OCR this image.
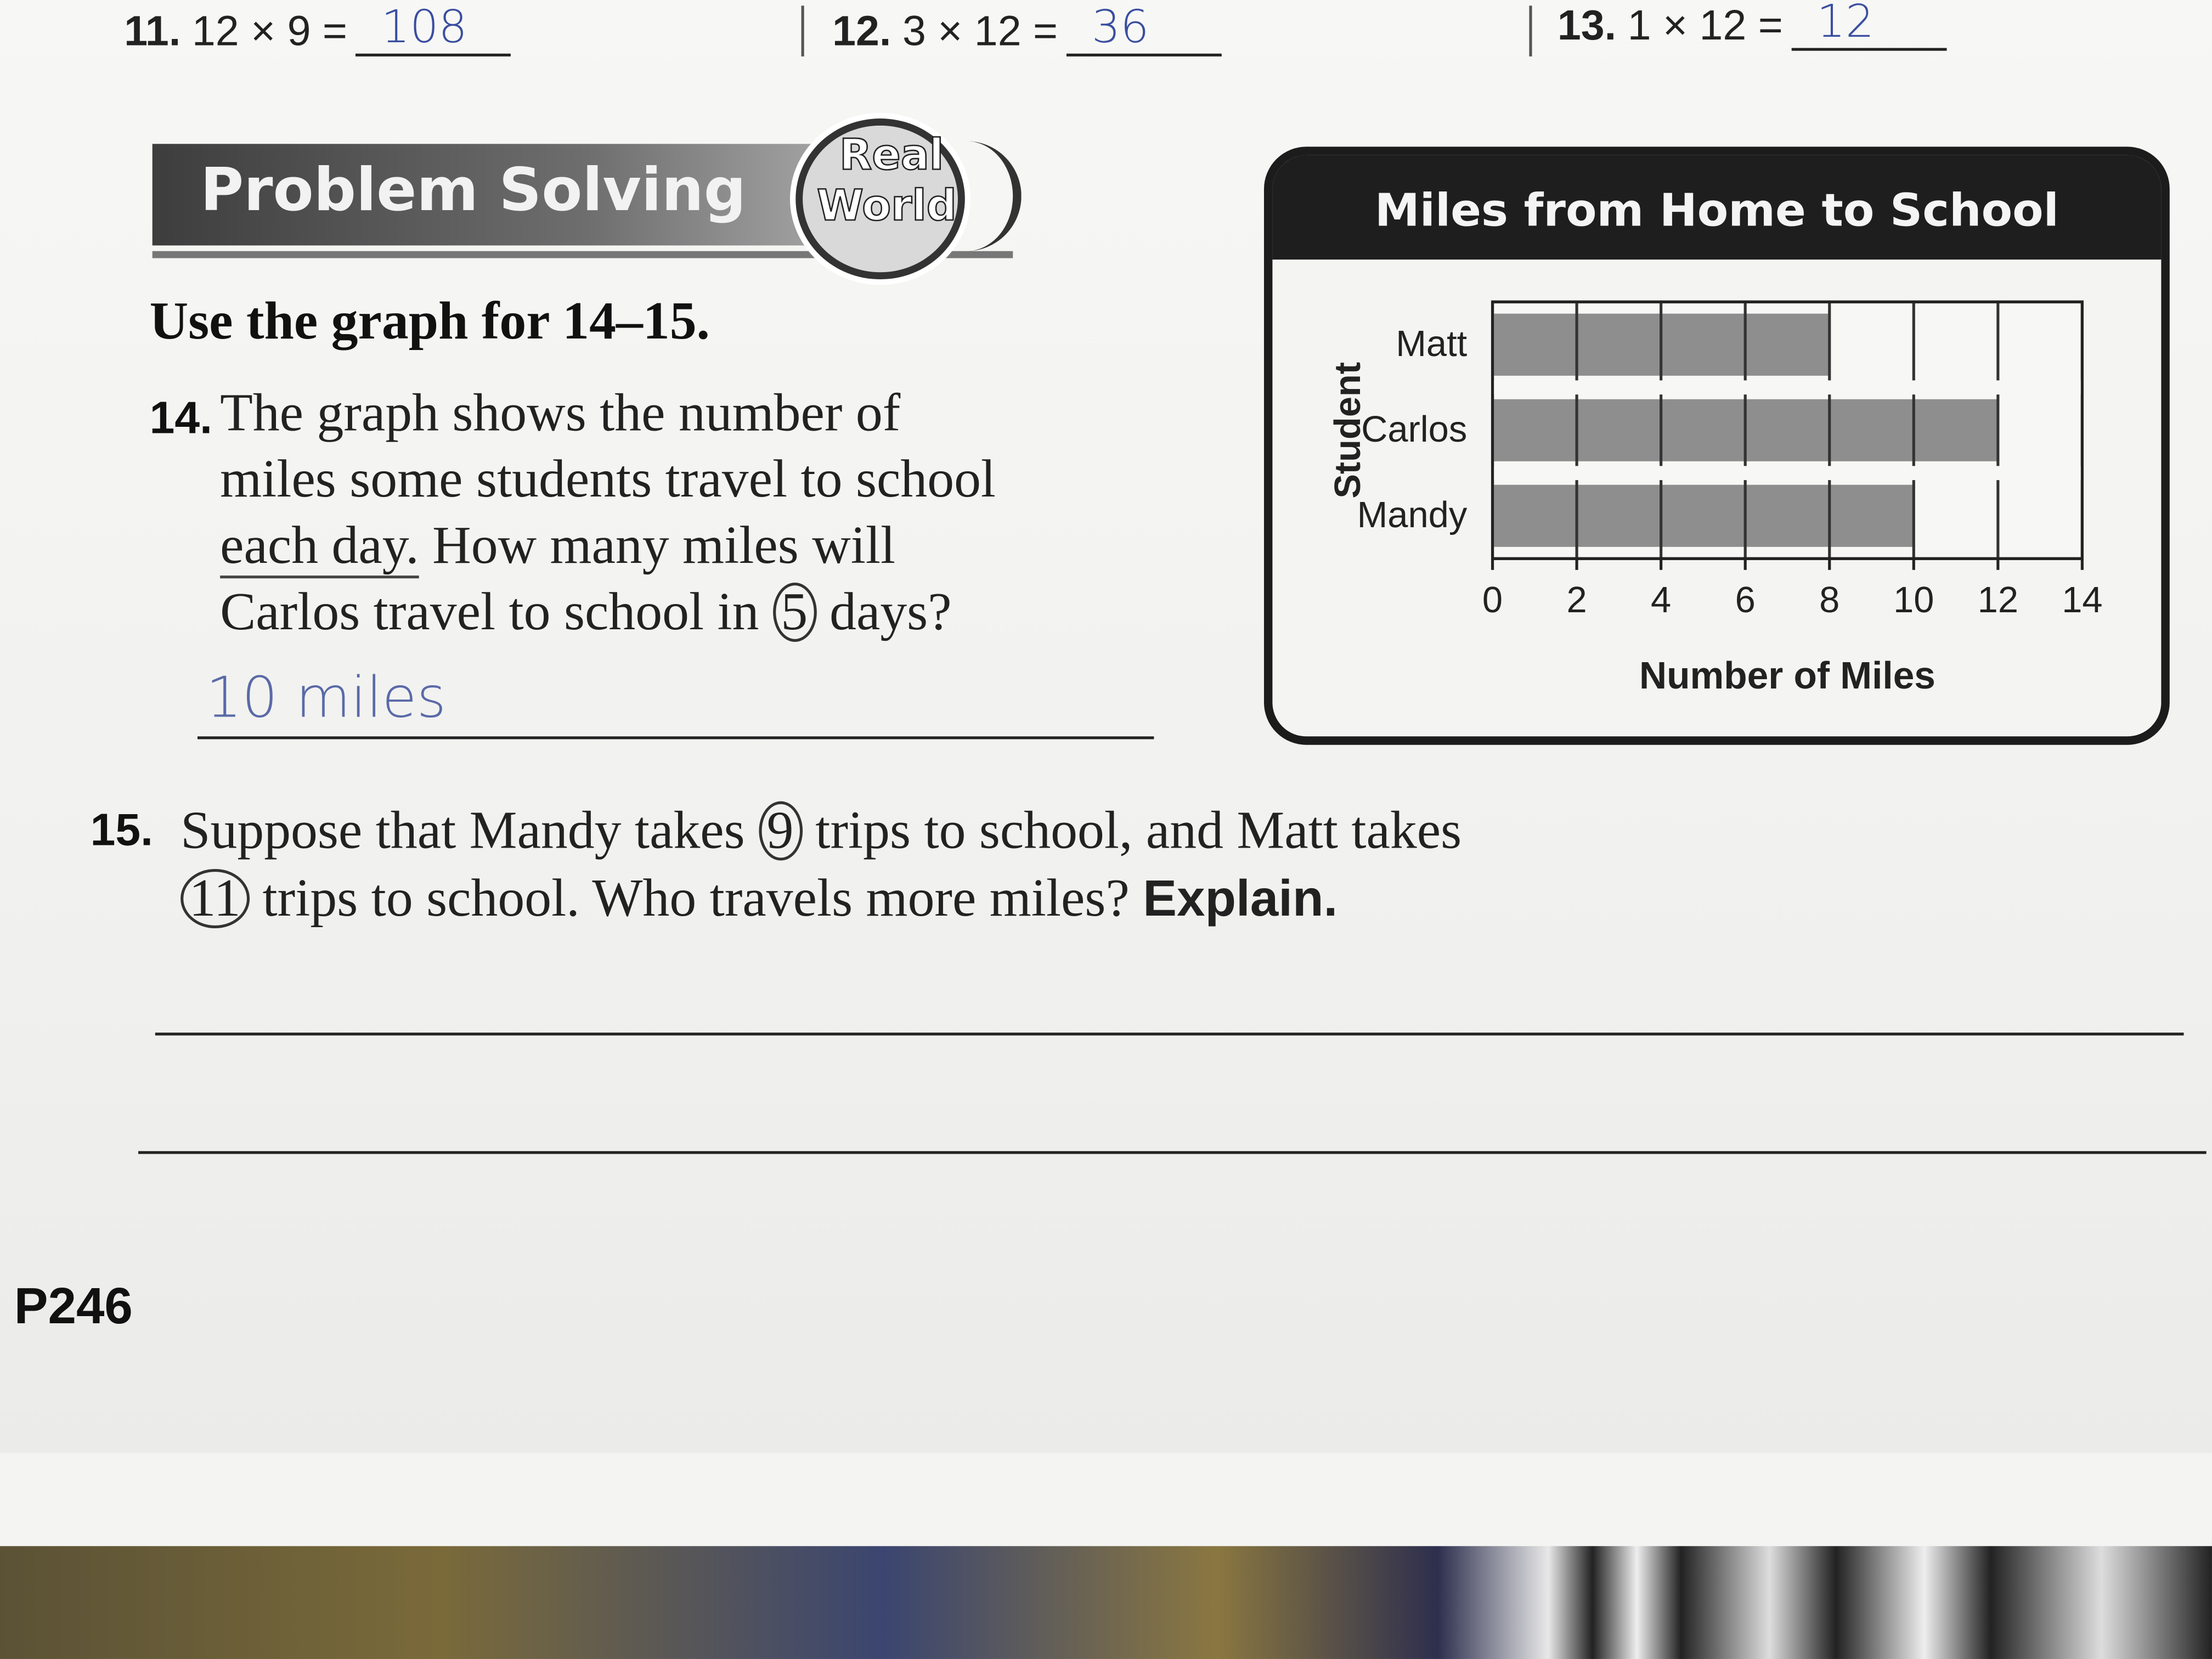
11. 12 × 9 = 108	12. 3 × 12 = 36	13. 1 × 12 = 12
Problem Solving	Real
World
Use the graph for 14–15.
14. The graph shows the number of
miles some students travel to school
each day. How many miles will
Carlos travel to school in 5 days?
10 miles
Miles from Home to School
Matt
Carlos
Mandy
0	2	4	6	8	10	12	14
Number of Miles
Student
15. Suppose that Mandy takes 9 trips to school, and Matt takes
11 trips to school. Who travels more miles? Explain.
P246
